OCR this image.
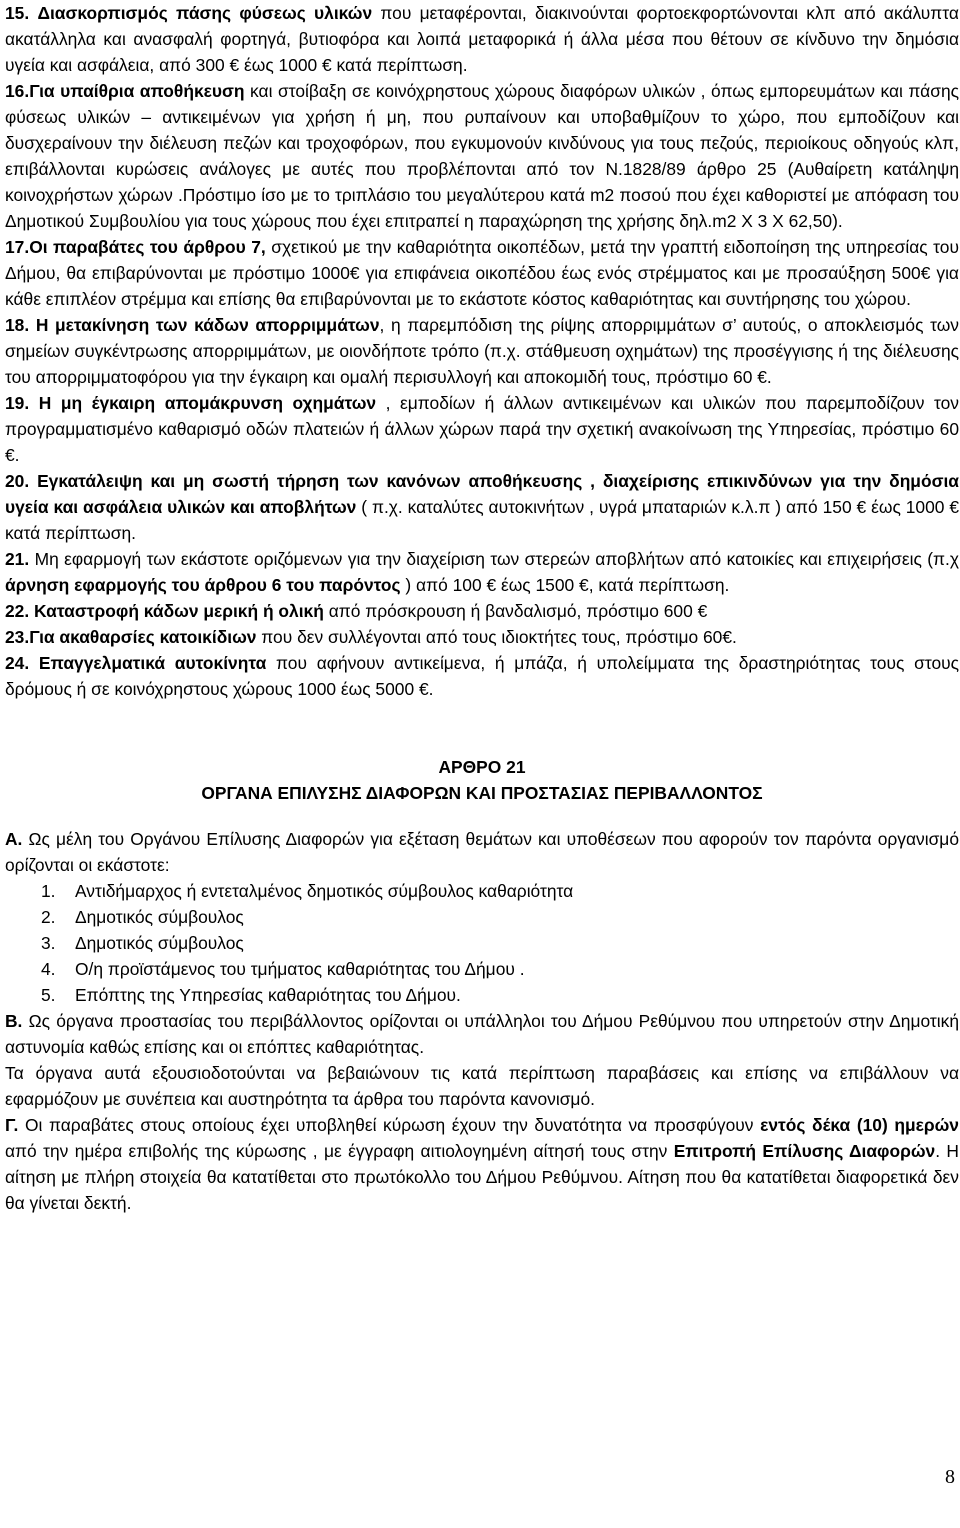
15. Διασκορπισμός πάσης φύσεως υλικών που μεταφέρονται, διακινούνται φορτοεκφορτώνονται κλπ από ακάλυπτα ακατάλληλα και ανασφαλή φορτηγά, βυτιοφόρα και λοιπά μεταφορικά ή άλλα μέσα που θέτουν σε κίνδυνο την δημόσια υγεία και ασφάλεια, από 300 € έως 1000 € κατά περίπτωση.

16.Για υπαίθρια αποθήκευση και στοίβαξη σε κοινόχρηστους χώρους διαφόρων υλικών , όπως εμπορευμάτων και πάσης φύσεως υλικών – αντικειμένων για χρήση ή μη, που ρυπαίνουν και υποβαθμίζουν το χώρο, που εμποδίζουν και δυσχεραίνουν την διέλευση πεζών και τροχοφόρων, που εγκυμονούν κινδύνους για τους πεζούς, περιοίκους οδηγούς κλπ, επιβάλλονται κυρώσεις ανάλογες με αυτές που προβλέπονται από τον Ν.1828/89 άρθρο 25 (Αυθαίρετη κατάληψη κοινοχρήστων χώρων .Πρόστιμο ίσο με το τριπλάσιο του μεγαλύτερου κατά m2 ποσού που έχει καθοριστεί με απόφαση του Δημοτικού Συμβουλίου για τους χώρους που έχει επιτραπεί η παραχώρηση της χρήσης δηλ.m2 Χ 3 Χ 62,50).

17.Οι παραβάτες του άρθρου 7, σχετικού με την καθαριότητα οικοπέδων, μετά την γραπτή ειδοποίηση της υπηρεσίας του Δήμου, θα επιβαρύνονται με πρόστιμο 1000€ για επιφάνεια οικοπέδου έως ενός στρέμματος και με προσαύξηση 500€ για κάθε επιπλέον στρέμμα και επίσης θα επιβαρύνονται με το εκάστοτε κόστος καθαριότητας και συντήρησης του χώρου.

18. Η μετακίνηση των κάδων απορριμμάτων, η παρεμπόδιση της ρίψης απορριμμάτων σ’ αυτούς, ο αποκλεισμός των σημείων συγκέντρωσης απορριμμάτων, με οιονδήποτε τρόπο (π.χ. στάθμευση οχημάτων) της προσέγγισης ή της διέλευσης του απορριμματοφόρου για την έγκαιρη και ομαλή περισυλλογή και αποκομιδή τους, πρόστιμο 60 €.

19. Η μη έγκαιρη απομάκρυνση οχημάτων , εμποδίων ή άλλων αντικειμένων και υλικών που παρεμποδίζουν τον προγραμματισμένο καθαρισμό οδών πλατειών ή άλλων χώρων παρά την σχετική ανακοίνωση της Υπηρεσίας, πρόστιμο 60 €.

20. Εγκατάλειψη και μη σωστή τήρηση των κανόνων αποθήκευσης , διαχείρισης επικινδύνων για την δημόσια υγεία και ασφάλεια υλικών και αποβλήτων ( π.χ. καταλύτες αυτοκινήτων , υγρά μπαταριών κ.λ.π ) από 150 € έως 1000 € κατά περίπτωση.

21. Μη εφαρμογή των εκάστοτε οριζόμενων για την διαχείριση των στερεών αποβλήτων από κατοικίες και επιχειρήσεις (π.χ άρνηση εφαρμογής του άρθρου 6 του παρόντος ) από 100 € έως 1500 €, κατά περίπτωση.

22. Καταστροφή κάδων μερική ή ολική από πρόσκρουση ή βανδαλισμό, πρόστιμο 600 €

23.Για ακαθαρσίες κατοικίδιων που δεν συλλέγονται από τους ιδιοκτήτες τους, πρόστιμο 60€.

24. Επαγγελματικά αυτοκίνητα που αφήνουν αντικείμενα, ή μπάζα, ή υπολείμματα της δραστηριότητας τους στους δρόμους ή σε κοινόχρηστους χώρους 1000 έως 5000 €.

ΑΡΘΡΟ 21
ΟΡΓΑΝΑ ΕΠΙΛΥΣΗΣ ΔΙΑΦΟΡΩΝ ΚΑΙ ΠΡΟΣΤΑΣΙΑΣ ΠΕΡΙΒΑΛΛΟΝΤΟΣ

Α. Ως μέλη του Οργάνου Επίλυσης Διαφορών για εξέταση θεμάτων και υποθέσεων που αφορούν τον παρόντα οργανισμό ορίζονται οι εκάστοτε:

1. Αντιδήμαρχος ή εντεταλμένος δημοτικός σύμβουλος καθαριότητα
2. Δημοτικός σύμβουλος
3. Δημοτικός σύμβουλος
4. Ο/η προϊστάμενος του τμήματος καθαριότητας του Δήμου .
5. Επόπτης της Υπηρεσίας καθαριότητας του Δήμου.

Β. Ως όργανα προστασίας του περιβάλλοντος ορίζονται οι υπάλληλοι του Δήμου Ρεθύμνου που υπηρετούν στην Δημοτική αστυνομία καθώς επίσης και οι επόπτες καθαριότητας.

Τα όργανα αυτά εξουσιοδοτούνται να βεβαιώνουν τις κατά περίπτωση παραβάσεις και επίσης να επιβάλλουν να εφαρμόζουν με συνέπεια και αυστηρότητα τα άρθρα του παρόντα κανονισμό.

Γ. Οι παραβάτες στους οποίους έχει υποβληθεί κύρωση έχουν την δυνατότητα να προσφύγουν εντός δέκα (10) ημερών από την ημέρα επιβολής της κύρωσης , με έγγραφη αιτιολογημένη αίτησή τους στην Επιτροπή Επίλυσης Διαφορών. Η αίτηση με πλήρη στοιχεία θα κατατίθεται στο πρωτόκολλο του Δήμου Ρεθύμνου. Αίτηση που θα κατατίθεται διαφορετικά δεν θα γίνεται δεκτή.

8
